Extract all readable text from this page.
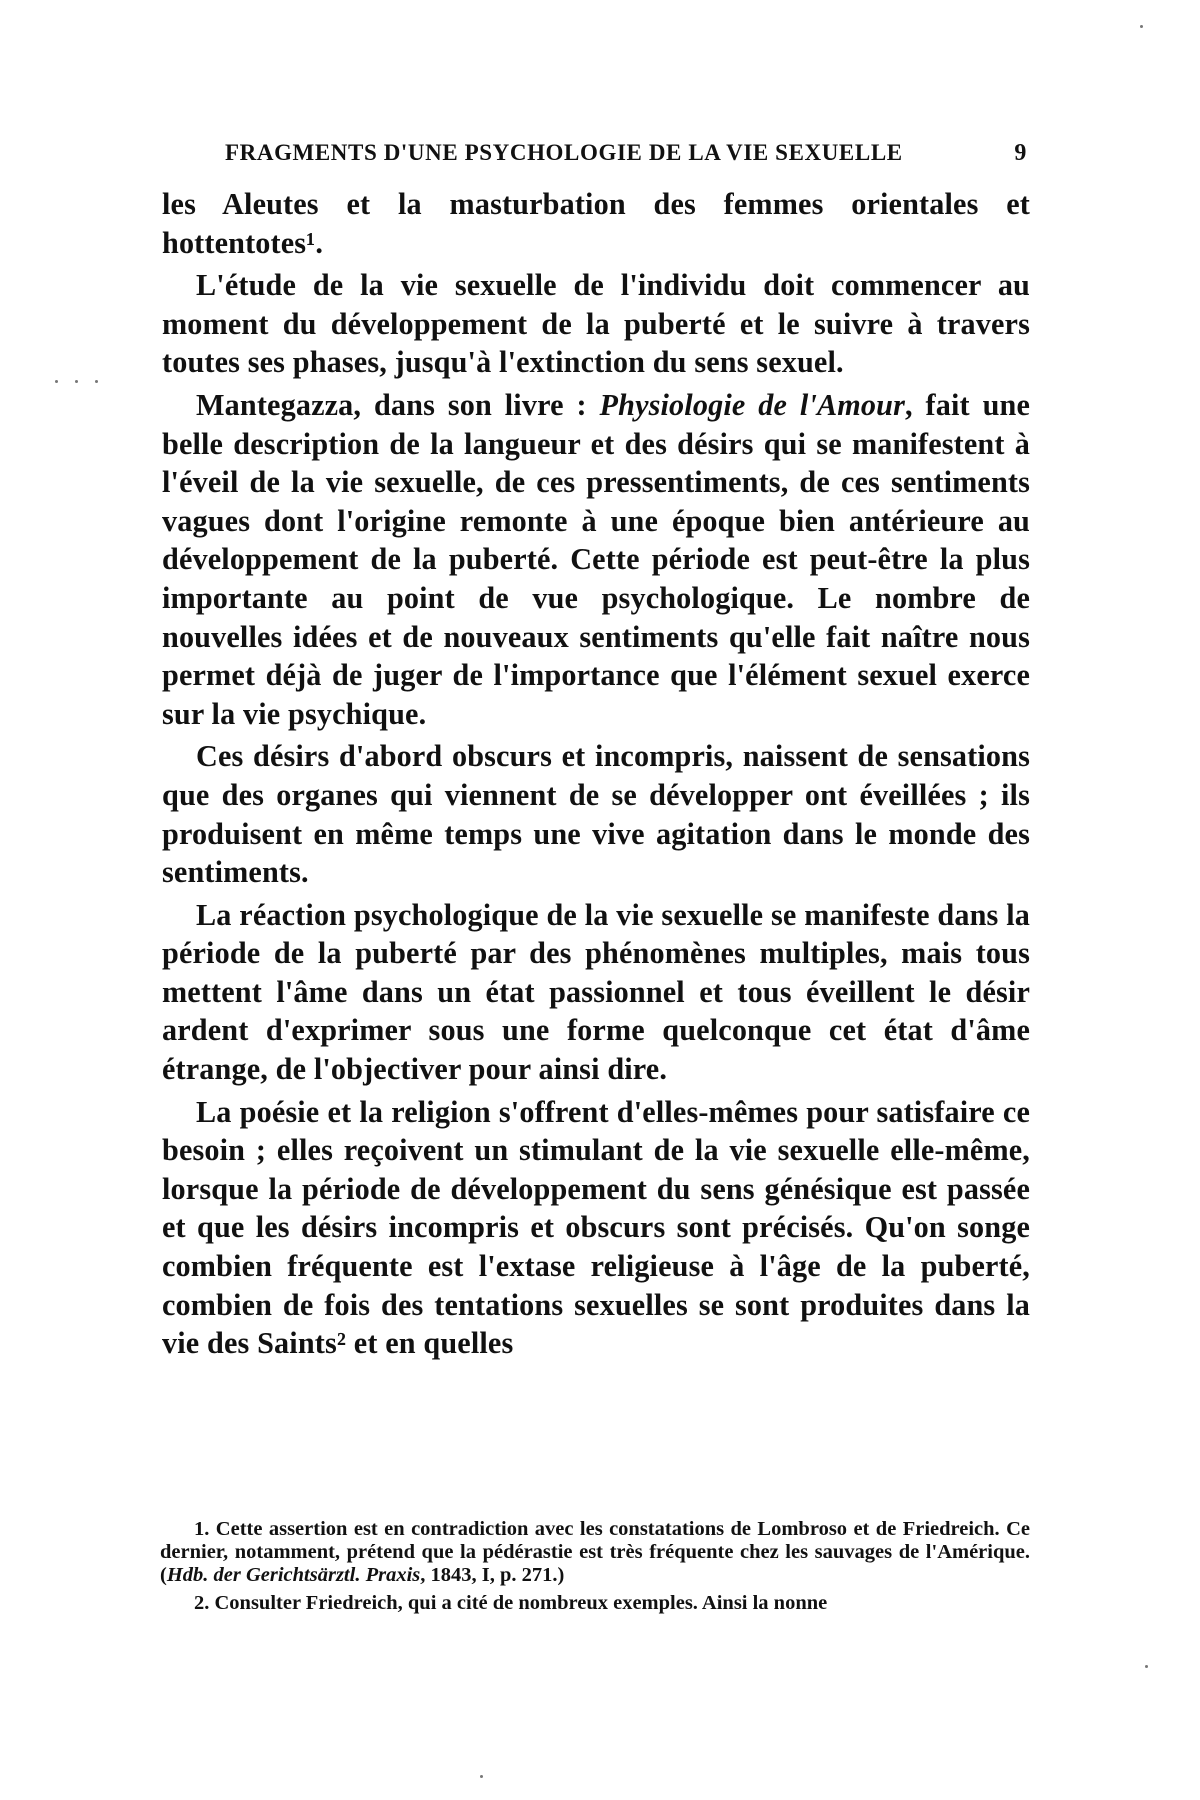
FRAGMENTS D'UNE PSYCHOLOGIE DE LA VIE SEXUELLE	9

les Aleutes et la masturbation des femmes orientales et hottentotes¹.

L'étude de la vie sexuelle de l'individu doit commencer au moment du développement de la puberté et le suivre à travers toutes ses phases, jusqu'à l'extinction du sens sexuel.

Mantegazza, dans son livre : Physiologie de l'Amour, fait une belle description de la langueur et des désirs qui se manifestent à l'éveil de la vie sexuelle, de ces pressentiments, de ces sentiments vagues dont l'origine remonte à une époque bien antérieure au développement de la puberté. Cette période est peut-être la plus importante au point de vue psychologique. Le nombre de nouvelles idées et de nouveaux sentiments qu'elle fait naître nous permet déjà de juger de l'importance que l'élément sexuel exerce sur la vie psychique.

Ces désirs d'abord obscurs et incompris, naissent de sensations que des organes qui viennent de se développer ont éveillées ; ils produisent en même temps une vive agitation dans le monde des sentiments.

La réaction psychologique de la vie sexuelle se manifeste dans la période de la puberté par des phénomènes multiples, mais tous mettent l'âme dans un état passionnel et tous éveillent le désir ardent d'exprimer sous une forme quelconque cet état d'âme étrange, de l'objectiver pour ainsi dire.

La poésie et la religion s'offrent d'elles-mêmes pour satisfaire ce besoin ; elles reçoivent un stimulant de la vie sexuelle elle-même, lorsque la période de développement du sens génésique est passée et que les désirs incompris et obscurs sont précisés. Qu'on songe combien fréquente est l'extase religieuse à l'âge de la puberté, combien de fois des tentations sexuelles se sont produites dans la vie des Saints² et en quelles

1. Cette assertion est en contradiction avec les constatations de Lombroso et de Friedreich. Ce dernier, notamment, prétend que la pédérastie est très fréquente chez les sauvages de l'Amérique. (Hdb. der Gerichtsärztl. Praxis, 1843, I, p. 271.)

2. Consulter Friedreich, qui a cité de nombreux exemples. Ainsi la nonne
